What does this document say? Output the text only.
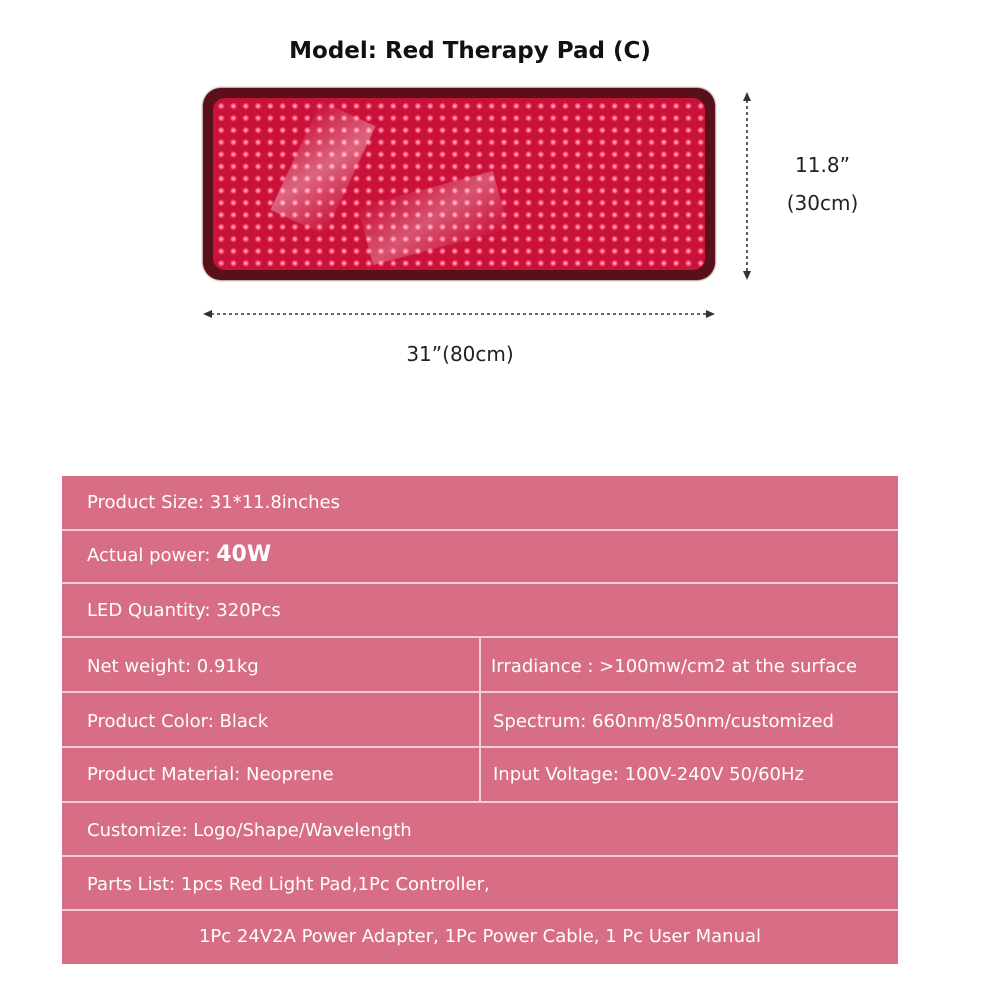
Model: Red Therapy Pad (C)
11.8”
(30cm)
31”(80cm)
Product Size: 31*11.8inches
Actual power: 40W
LED Quantity: 320Pcs
Net weight: 0.91kg	Irradiance : >100mw/cm2 at the surface
Product Color: Black	Spectrum: 660nm/850nm/customized
Product Material: Neoprene	Input Voltage: 100V-240V 50/60Hz
Customize: Logo/Shape/Wavelength
Parts List: 1pcs Red Light Pad,1Pc Controller,
1Pc 24V2A Power Adapter, 1Pc Power Cable, 1 Pc User Manual
